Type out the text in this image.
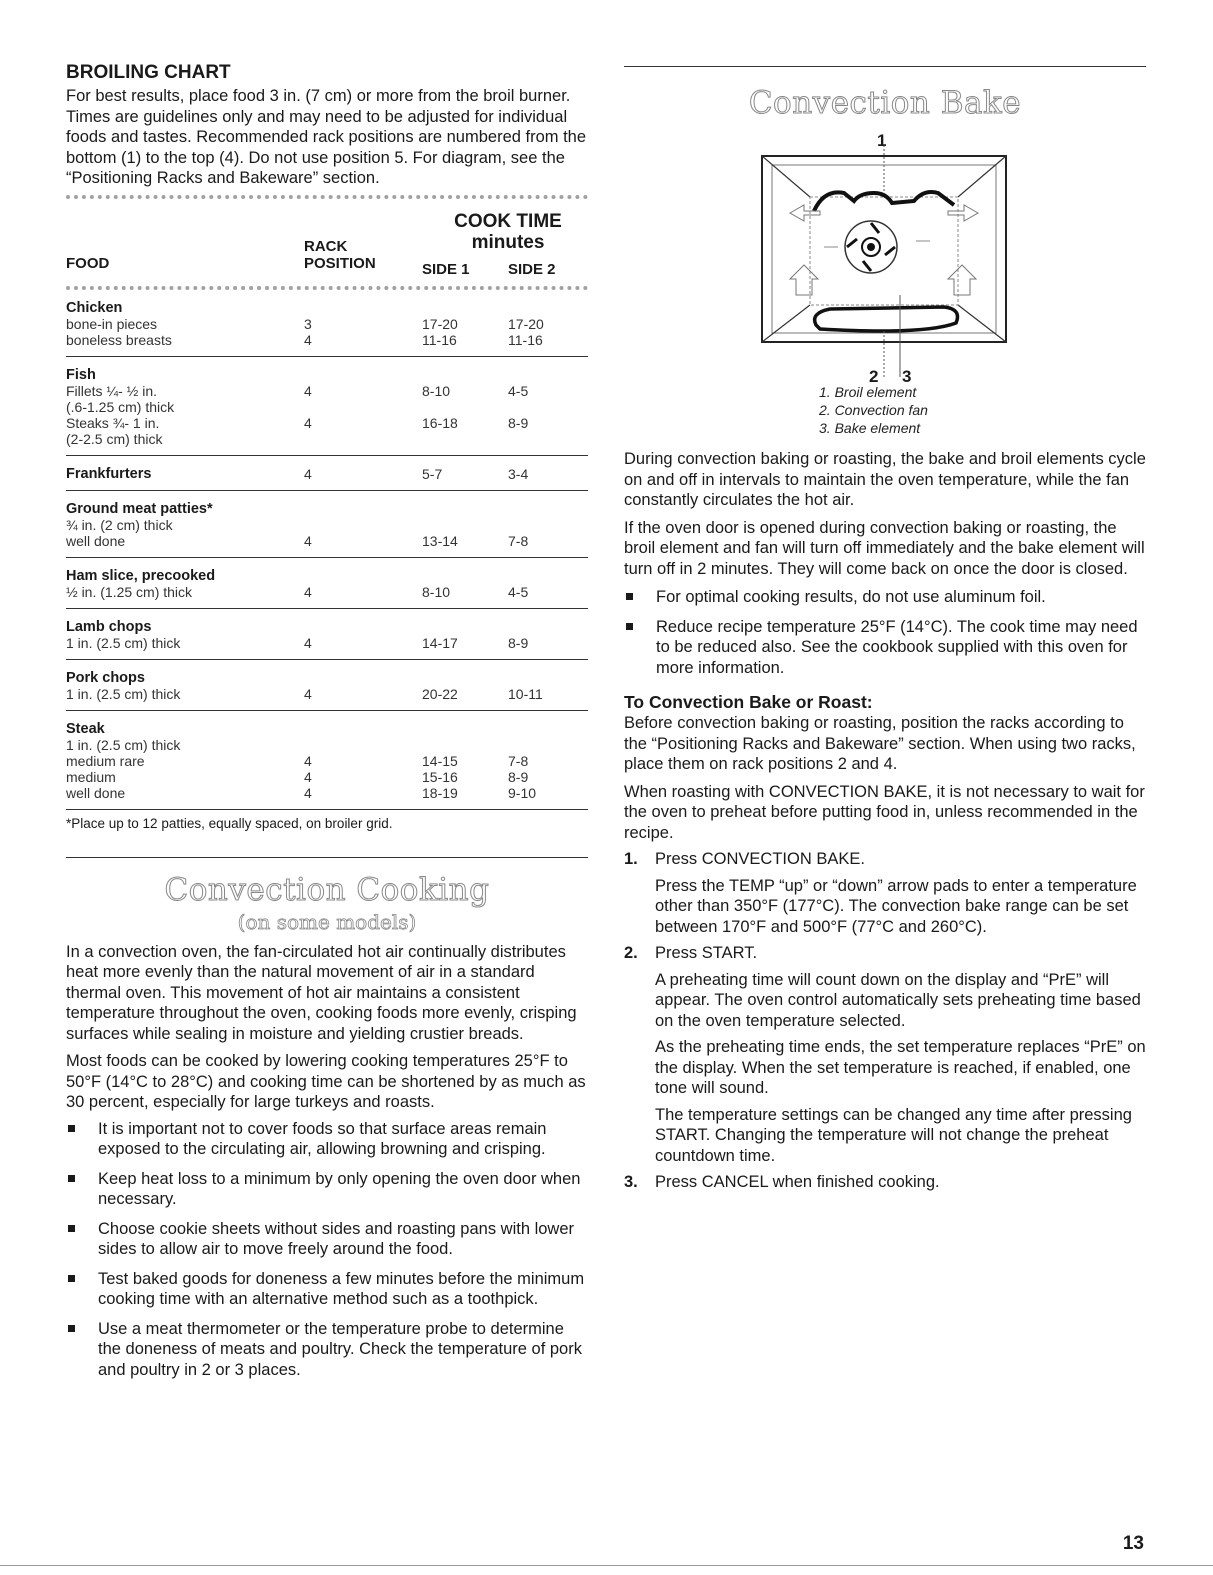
BROILING CHART

For best results, place food 3 in. (7 cm) or more from the broil burner. Times are guidelines only and may need to be adjusted for individual foods and tastes. Recommended rack positions are numbered from the bottom (1) to the top (4). Do not use position 5. For diagram, see the “Positioning Racks and Bakeware” section.

FOOD	
RACK
POSITION

COOK TIME
minutes
SIDE 1	SIDE 2
Chicken			
bone-in pieces	3	17-20	17-20
boneless breasts	4	11-16	11-16
Fish			
Fillets ¼- ½ in.	4	8-10	4-5
(.6-1.25 cm) thick			
Steaks ¾- 1 in.	4	16-18	8-9
(2-2.5 cm) thick			
Frankfurters	4	5-7	3-4
Ground meat patties*			
¾ in. (2 cm) thick			
well done	4	13-14	7-8
Ham slice, precooked			
½ in. (1.25 cm) thick	4	8-10	4-5
Lamb chops			
1 in. (2.5 cm) thick	4	14-17	8-9
Pork chops			
1 in. (2.5 cm) thick	4	20-22	10-11
Steak			
1 in. (2.5 cm) thick			
medium rare	4	14-15	7-8
medium	4	15-16	8-9
well done	4	18-19	9-10
*Place up to 12 patties, equally spaced, on broiler grid.
Convection Cooking
(on some models)

In a convection oven, the fan-circulated hot air continually distributes heat more evenly than the natural movement of air in a standard thermal oven. This movement of hot air maintains a consistent temperature throughout the oven, cooking foods more evenly, crisping surfaces while sealing in moisture and yielding crustier breads.

Most foods can be cooked by lowering cooking temperatures 25°F to 50°F (14°C to 28°C) and cooking time can be shortened by as much as 30 percent, especially for large turkeys and roasts.

It is important not to cover foods so that surface areas remain exposed to the circulating air, allowing browning and crisping.
Keep heat loss to a minimum by only opening the oven door when necessary.
Choose cookie sheets without sides and roasting pans with lower sides to allow air to move freely around the food.
Test baked goods for doneness a few minutes before the minimum cooking time with an alternative method such as a toothpick.
Use a meat thermometer or the temperature probe to determine the doneness of meats and poultry. Check the temperature of pork and poultry in 2 or 3 places.
Convection Bake
1
2 3
1. Broil element
2. Convection fan
3. Bake element

During convection baking or roasting, the bake and broil elements cycle on and off in intervals to maintain the oven temperature, while the fan constantly circulates the hot air.

If the oven door is opened during convection baking or roasting, the broil element and fan will turn off immediately and the bake element will turn off in 2 minutes. They will come back on once the door is closed.

For optimal cooking results, do not use aluminum foil.
Reduce recipe temperature 25°F (14°C). The cook time may need to be reduced also. See the cookbook supplied with this oven for more information.
To Convection Bake or Roast:

Before convection baking or roasting, position the racks according to the “Positioning Racks and Bakeware” section. When using two racks, place them on rack positions 2 and 4.

When roasting with CONVECTION BAKE, it is not necessary to wait for the oven to preheat before putting food in, unless recommended in the recipe.

1. Press CONVECTION BAKE.

Press the TEMP “up” or “down” arrow pads to enter a temperature other than 350°F (177°C). The convection bake range can be set between 170°F and 500°F (77°C and 260°C).

2. Press START.

A preheating time will count down on the display and “PrE” will appear. The oven control automatically sets preheating time based on the oven temperature selected.

As the preheating time ends, the set temperature replaces “PrE” on the display. When the set temperature is reached, if enabled, one tone will sound.

The temperature settings can be changed any time after pressing START. Changing the temperature will not change the preheat countdown time.

3. Press CANCEL when finished cooking.
13
